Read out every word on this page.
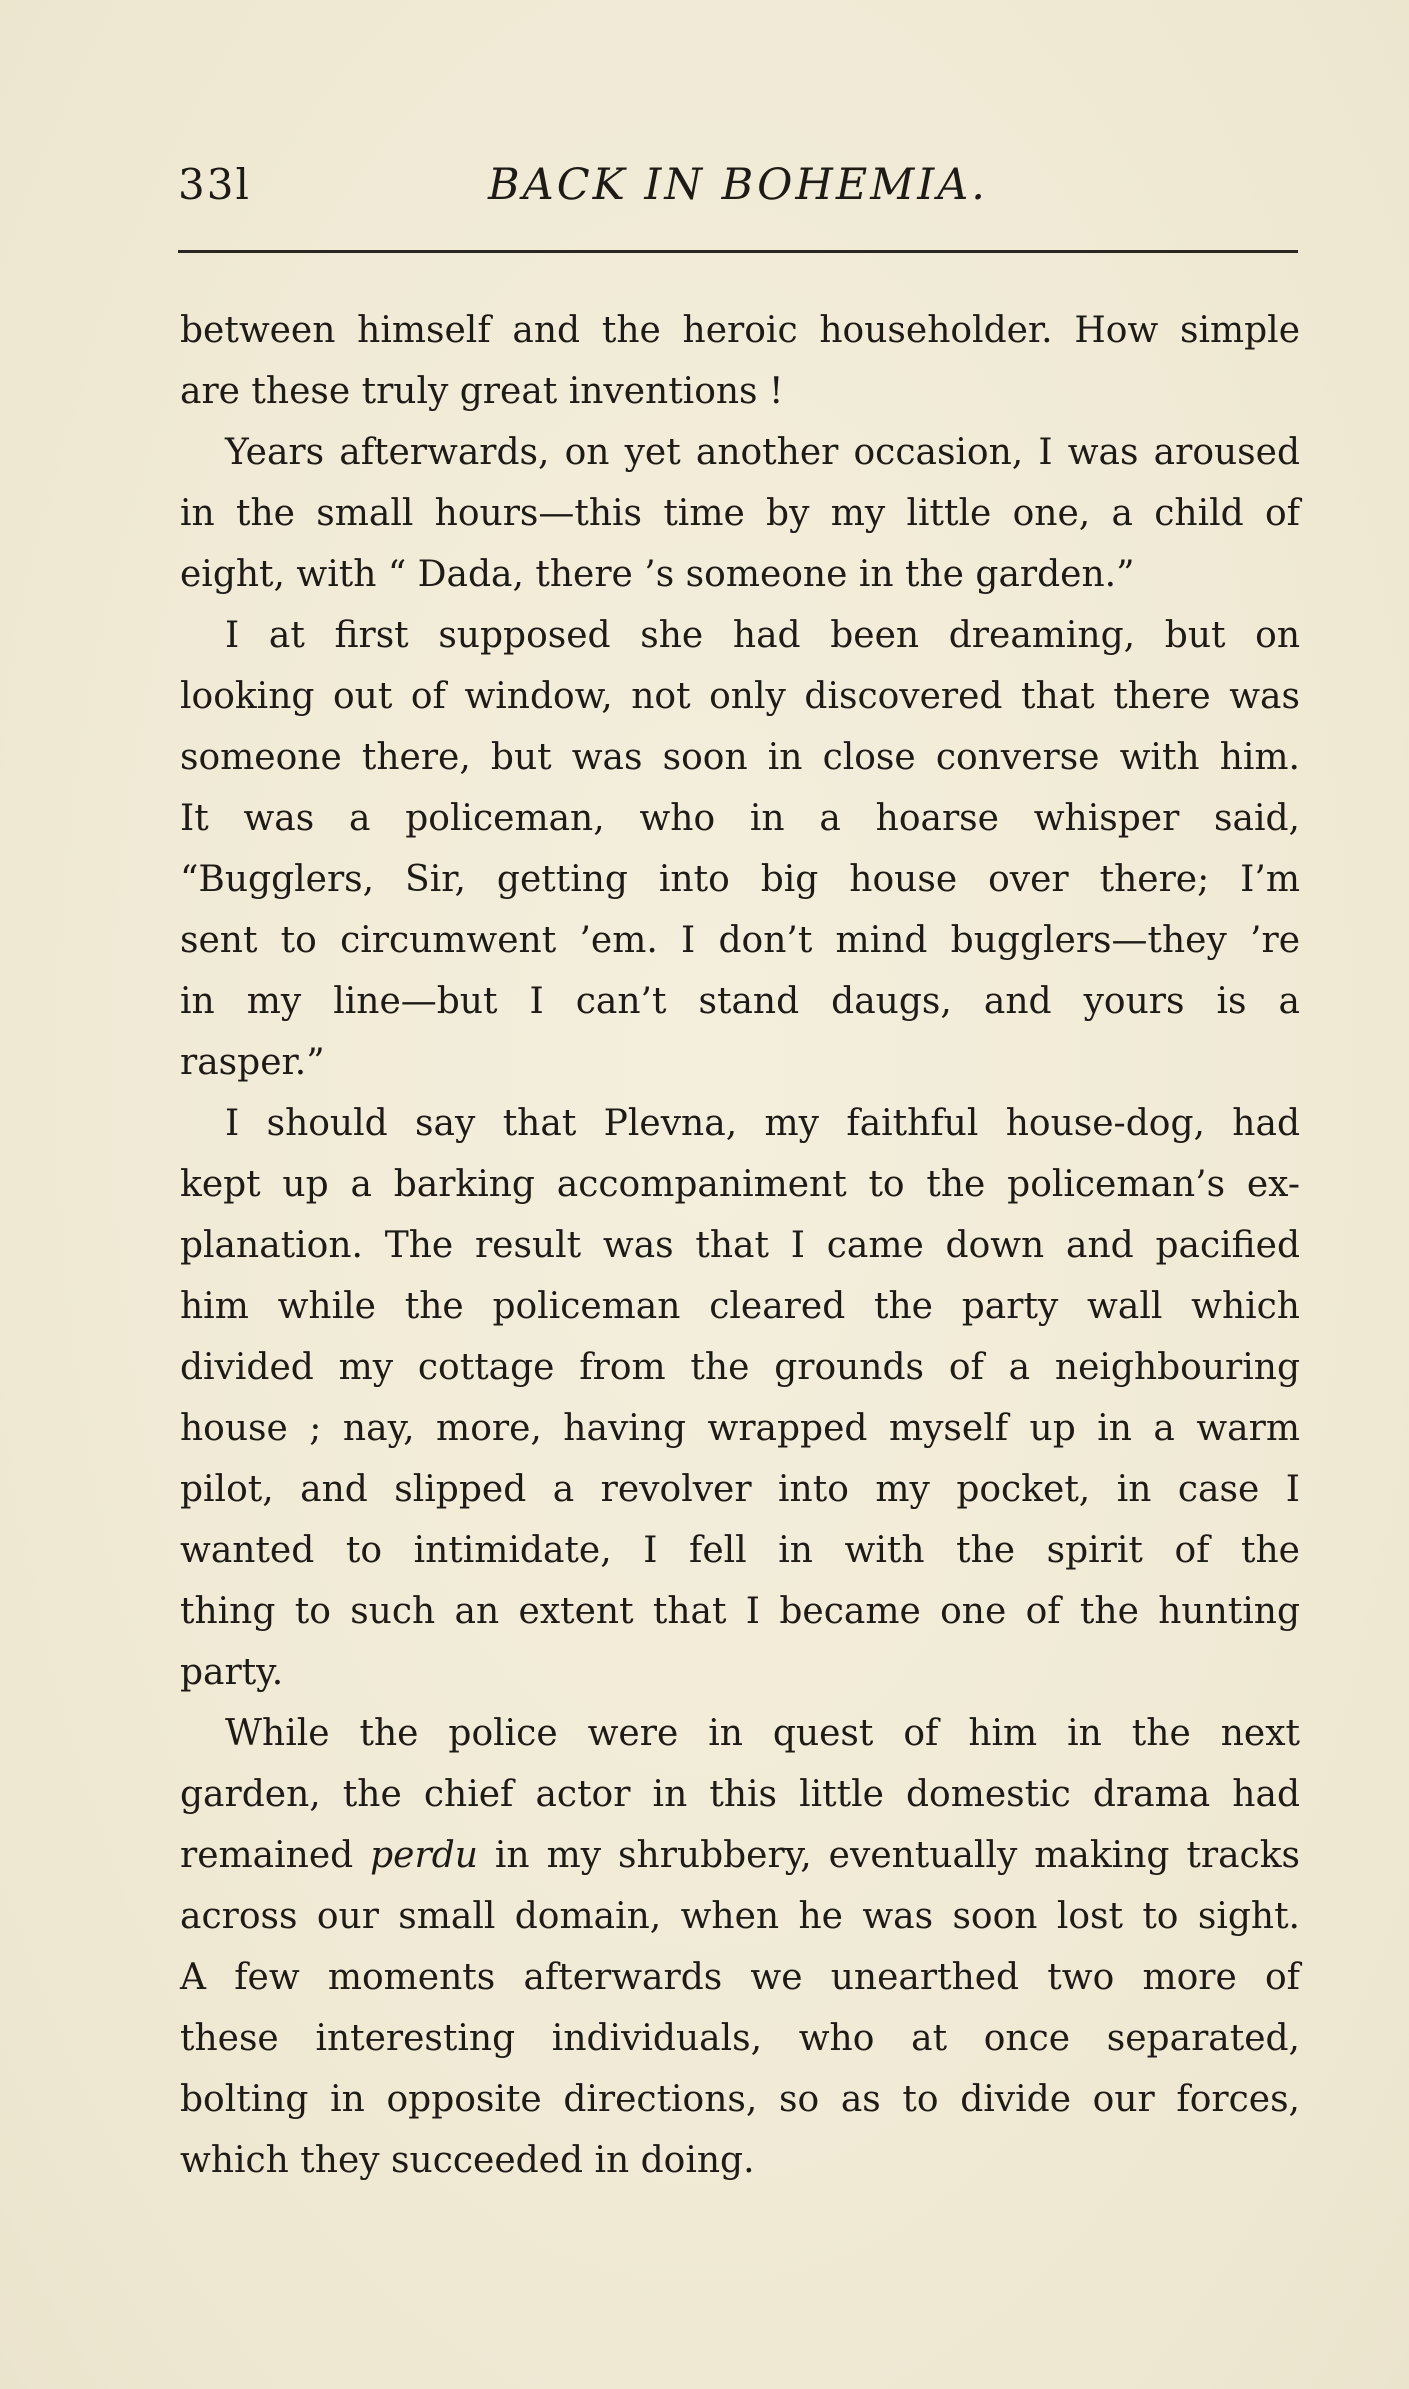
33l	BACK IN BOHEMIA.
between himself and the heroic householder. How simple
are these truly great inventions !
Years afterwards, on yet another occasion, I was aroused
in the small hours—this time by my little one, a child of
eight, with “ Dada, there ’s someone in the garden.”
I at first supposed she had been dreaming, but on
looking out of window, not only discovered that there was
someone there, but was soon in close converse with him.
It was a policeman, who in a hoarse whisper said,
“Bugglers, Sir, getting into big house over there; I’m
sent to circumwent ’em. I don’t mind bugglers—they ’re
in my line—but I can’t stand daugs, and yours is a
rasper.”
I should say that Plevna, my faithful house-dog, had
kept up a barking accompaniment to the policeman’s ex-
planation. The result was that I came down and pacified
him while the policeman cleared the party wall which
divided my cottage from the grounds of a neighbouring
house ; nay, more, having wrapped myself up in a warm
pilot, and slipped a revolver into my pocket, in case I
wanted to intimidate, I fell in with the spirit of the
thing to such an extent that I became one of the hunting
party.
While the police were in quest of him in the next
garden, the chief actor in this little domestic drama had
remained perdu in my shrubbery, eventually making tracks
across our small domain, when he was soon lost to sight.
A few moments afterwards we unearthed two more of
these interesting individuals, who at once separated,
bolting in opposite directions, so as to divide our forces,
which they succeeded in doing.
